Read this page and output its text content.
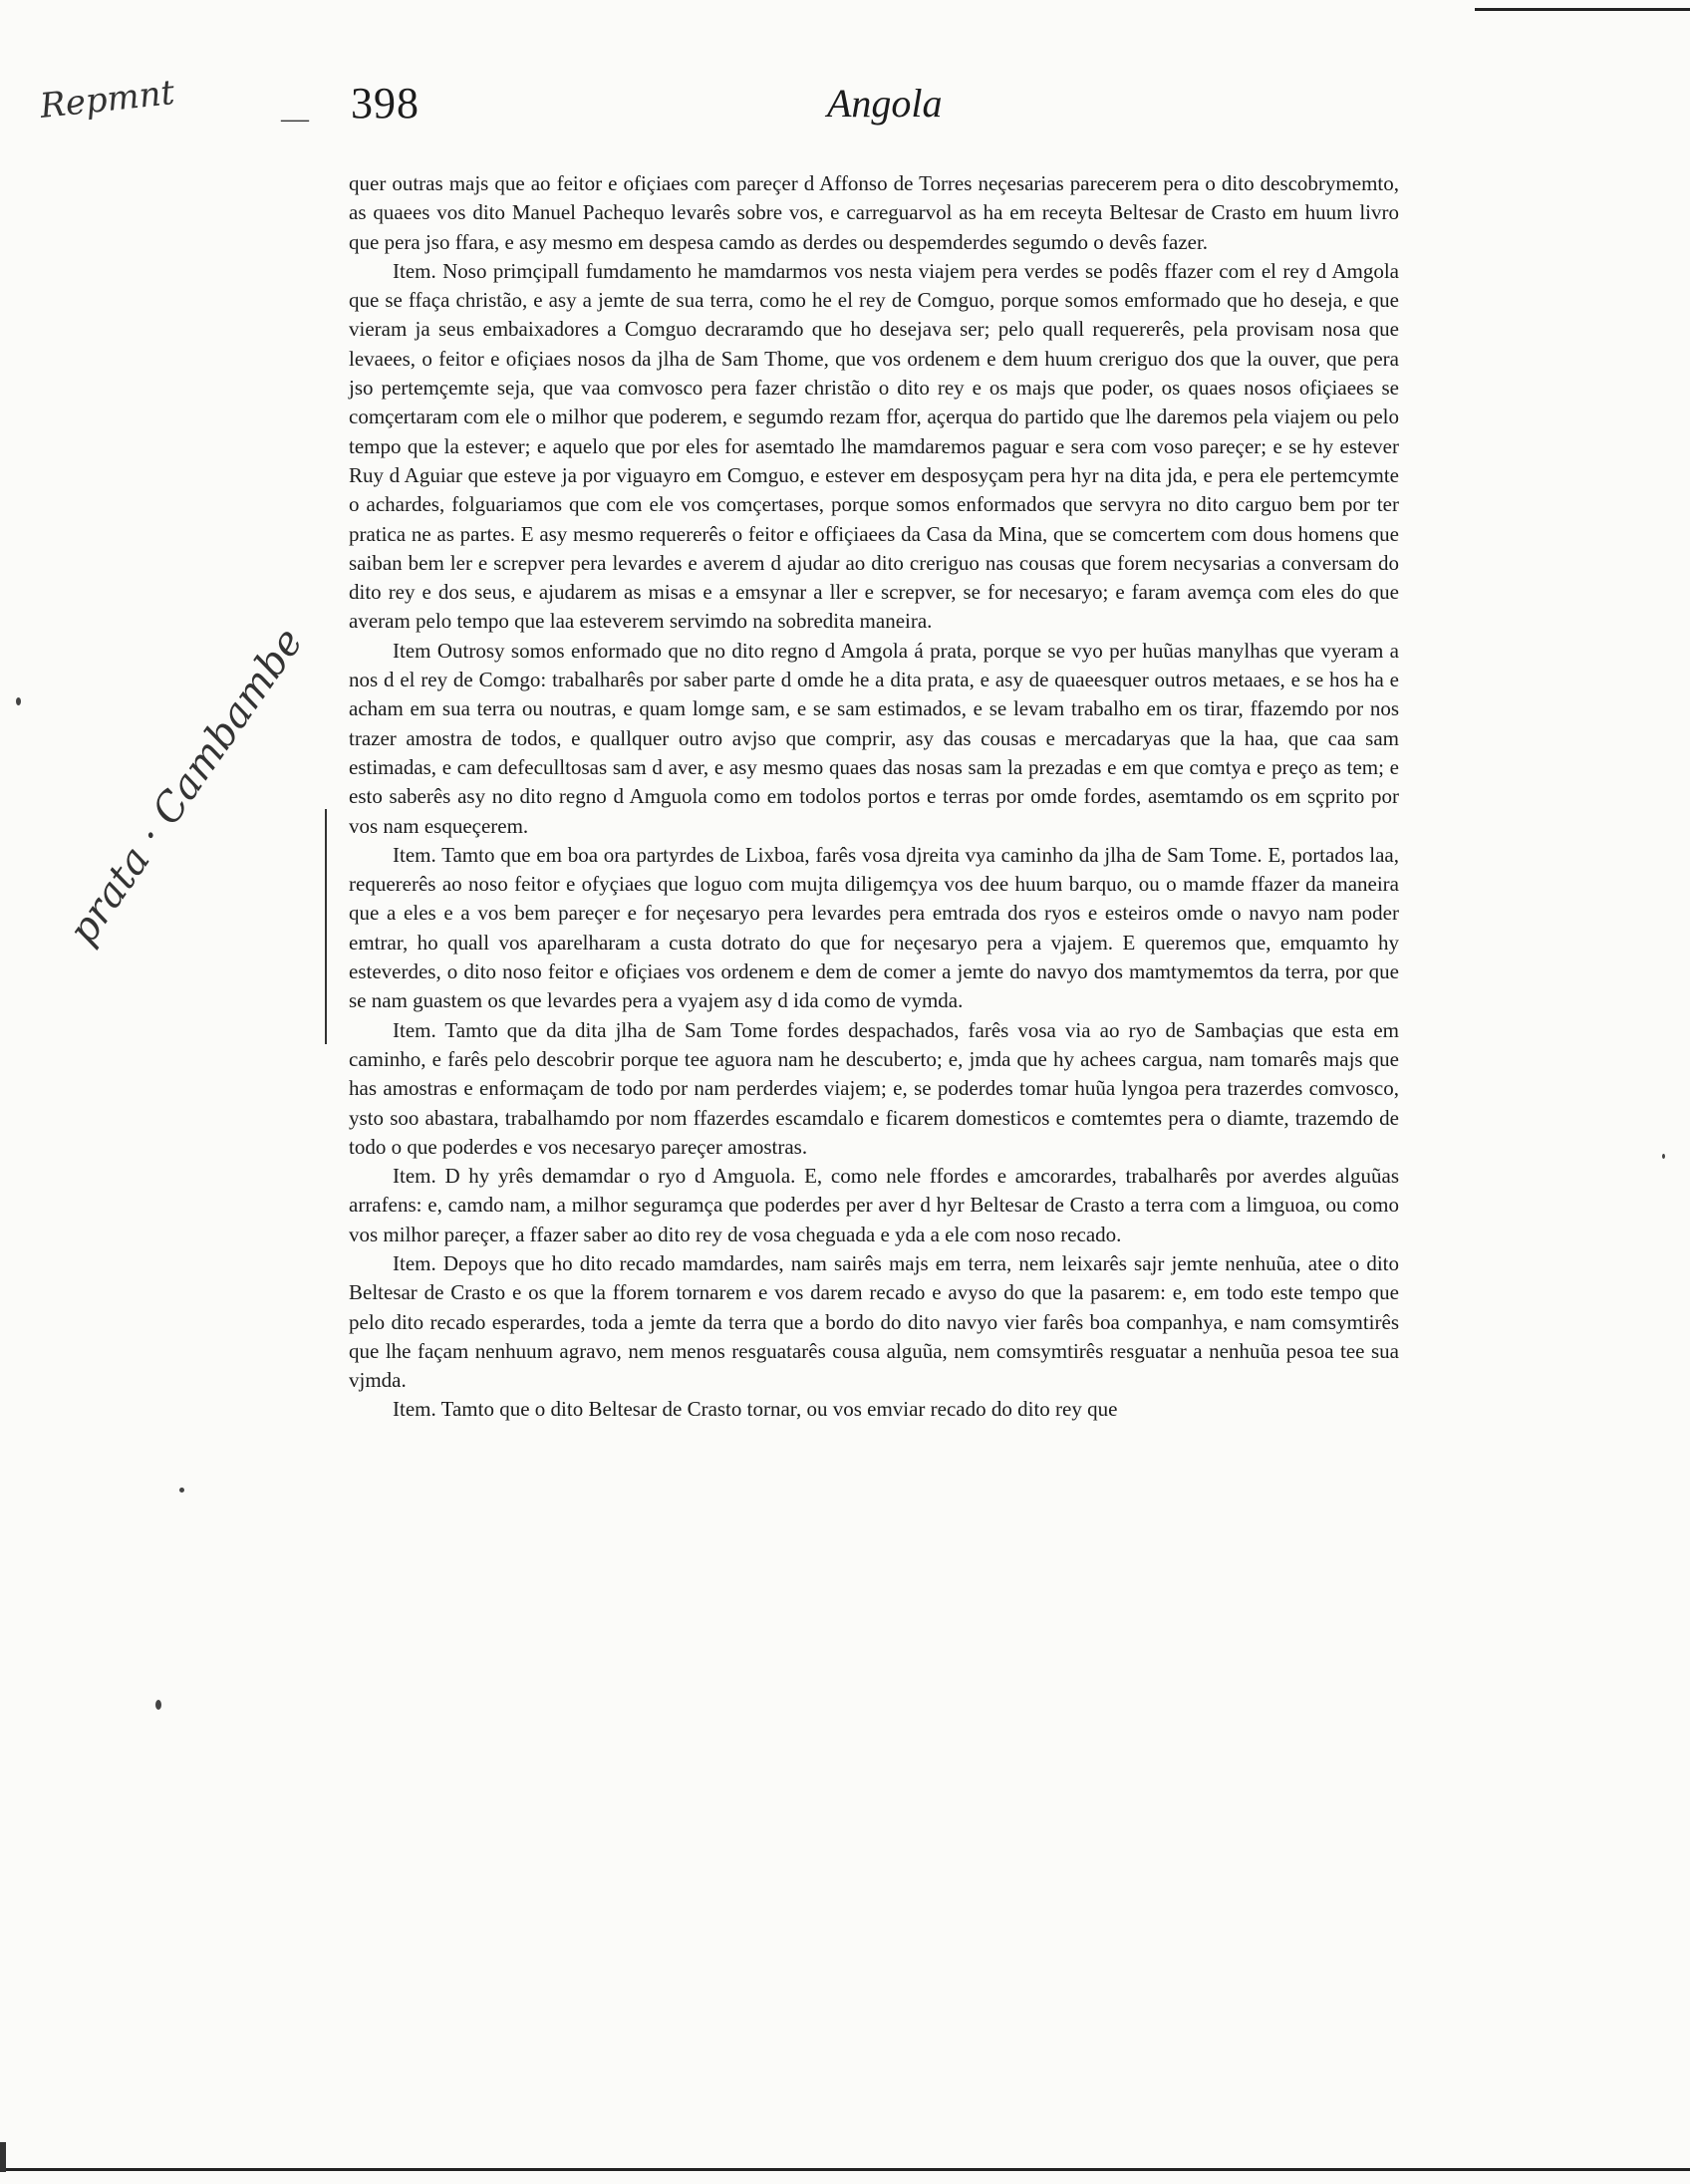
Repmnt	—
prata · Cambambe
398	Angola

quer outras majs que ao feitor e ofiçiaes com pareçer d Affonso de Torres neçesarias parecerem pera o dito descobrymemto, as quaees vos dito Manuel Pachequo levarês sobre vos, e carreguarvol as ha em receyta Beltesar de Crasto em huum livro que pera jso ffara, e asy mesmo em despesa camdo as derdes ou despemderdes segumdo o devês fazer.

Item. Noso primçipall fumdamento he mamdarmos vos nesta viajem pera verdes se podês ffazer com el rey d Amgola que se ffaça christão, e asy a jemte de sua terra, como he el rey de Comguo, porque somos emformado que ho deseja, e que vieram ja seus embaixadores a Comguo decraramdo que ho desejava ser; pelo quall requererês, pela provisam nosa que levaees, o feitor e ofiçiaes nosos da jlha de Sam Thome, que vos ordenem e dem huum creriguo dos que la ouver, que pera jso pertemçemte seja, que vaa comvosco pera fazer christão o dito rey e os majs que poder, os quaes nosos ofiçiaees se comçertaram com ele o milhor que poderem, e segumdo rezam ffor, açerqua do partido que lhe daremos pela viajem ou pelo tempo que la estever; e aquelo que por eles for asemtado lhe mamdaremos paguar e sera com voso pareçer; e se hy estever Ruy d Aguiar que esteve ja por viguayro em Comguo, e estever em desposyçam pera hyr na dita jda, e pera ele pertemcymte o achardes, folguariamos que com ele vos comçertases, porque somos enformados que servyra no dito carguo bem por ter pratica ne as partes. E asy mesmo requererês o feitor e offiçiaees da Casa da Mina, que se comcertem com dous homens que saiban bem ler e screpver pera levardes e averem d ajudar ao dito creriguo nas cousas que forem necysarias a conversam do dito rey e dos seus, e ajudarem as misas e a emsynar a ller e screpver, se for necesaryo; e faram avemça com eles do que averam pelo tempo que laa esteverem servimdo na sobredita maneira.

Item Outrosy somos enformado que no dito regno d Amgola á prata, porque se vyo per huũas manylhas que vyeram a nos d el rey de Comgo: trabalharês por saber parte d omde he a dita prata, e asy de quaeesquer outros metaaes, e se hos ha e acham em sua terra ou noutras, e quam lomge sam, e se sam estimados, e se levam trabalho em os tirar, ffazemdo por nos trazer amostra de todos, e quallquer outro avjso que comprir, asy das cousas e mercadaryas que la haa, que caa sam estimadas, e cam defeculltosas sam d aver, e asy mesmo quaes das nosas sam la prezadas e em que comtya e preço as tem; e esto saberês asy no dito regno d Amguola como em todolos portos e terras por omde fordes, asemtamdo os em sçprito por vos nam esqueçerem.

Item. Tamto que em boa ora partyrdes de Lixboa, farês vosa djreita vya caminho da jlha de Sam Tome. E, portados laa, requererês ao noso feitor e ofyçiaes que loguo com mujta diligemçya vos dee huum barquo, ou o mamde ffazer da maneira que a eles e a vos bem pareçer e for neçesaryo pera levardes pera emtrada dos ryos e esteiros omde o navyo nam poder emtrar, ho quall vos aparelharam a custa dotrato do que for neçesaryo pera a vjajem. E queremos que, emquamto hy esteverdes, o dito noso feitor e ofiçiaes vos ordenem e dem de comer a jemte do navyo dos mamtymemtos da terra, por que se nam guastem os que levardes pera a vyajem asy d ida como de vymda.

Item. Tamto que da dita jlha de Sam Tome fordes despachados, farês vosa via ao ryo de Sambaçias que esta em caminho, e farês pelo descobrir porque tee aguora nam he descuberto; e, jmda que hy achees cargua, nam tomarês majs que has amostras e enformaçam de todo por nam perderdes viajem; e, se poderdes tomar huũa lyngoa pera trazerdes comvosco, ysto soo abastara, trabalhamdo por nom ffazerdes escamdalo e ficarem domesticos e comtemtes pera o diamte, trazemdo de todo o que poderdes e vos necesaryo pareçer amostras.

Item. D hy yrês demamdar o ryo d Amguola. E, como nele ffordes e amcorardes, trabalharês por averdes alguũas arrafens: e, camdo nam, a milhor seguramça que poderdes per aver d hyr Beltesar de Crasto a terra com a limguoa, ou como vos milhor pareçer, a ffazer saber ao dito rey de vosa cheguada e yda a ele com noso recado.

Item. Depoys que ho dito recado mamdardes, nam sairês majs em terra, nem leixarês sajr jemte nenhuũa, atee o dito Beltesar de Crasto e os que la fforem tornarem e vos darem recado e avyso do que la pasarem: e, em todo este tempo que pelo dito recado esperardes, toda a jemte da terra que a bordo do dito navyo vier farês boa companhya, e nam comsymtirês que lhe façam nenhuum agravo, nem menos resguatarês cousa alguũa, nem comsymtirês resguatar a nenhuũa pesoa tee sua vjmda.

Item. Tamto que o dito Beltesar de Crasto tornar, ou vos emviar recado do dito rey que
